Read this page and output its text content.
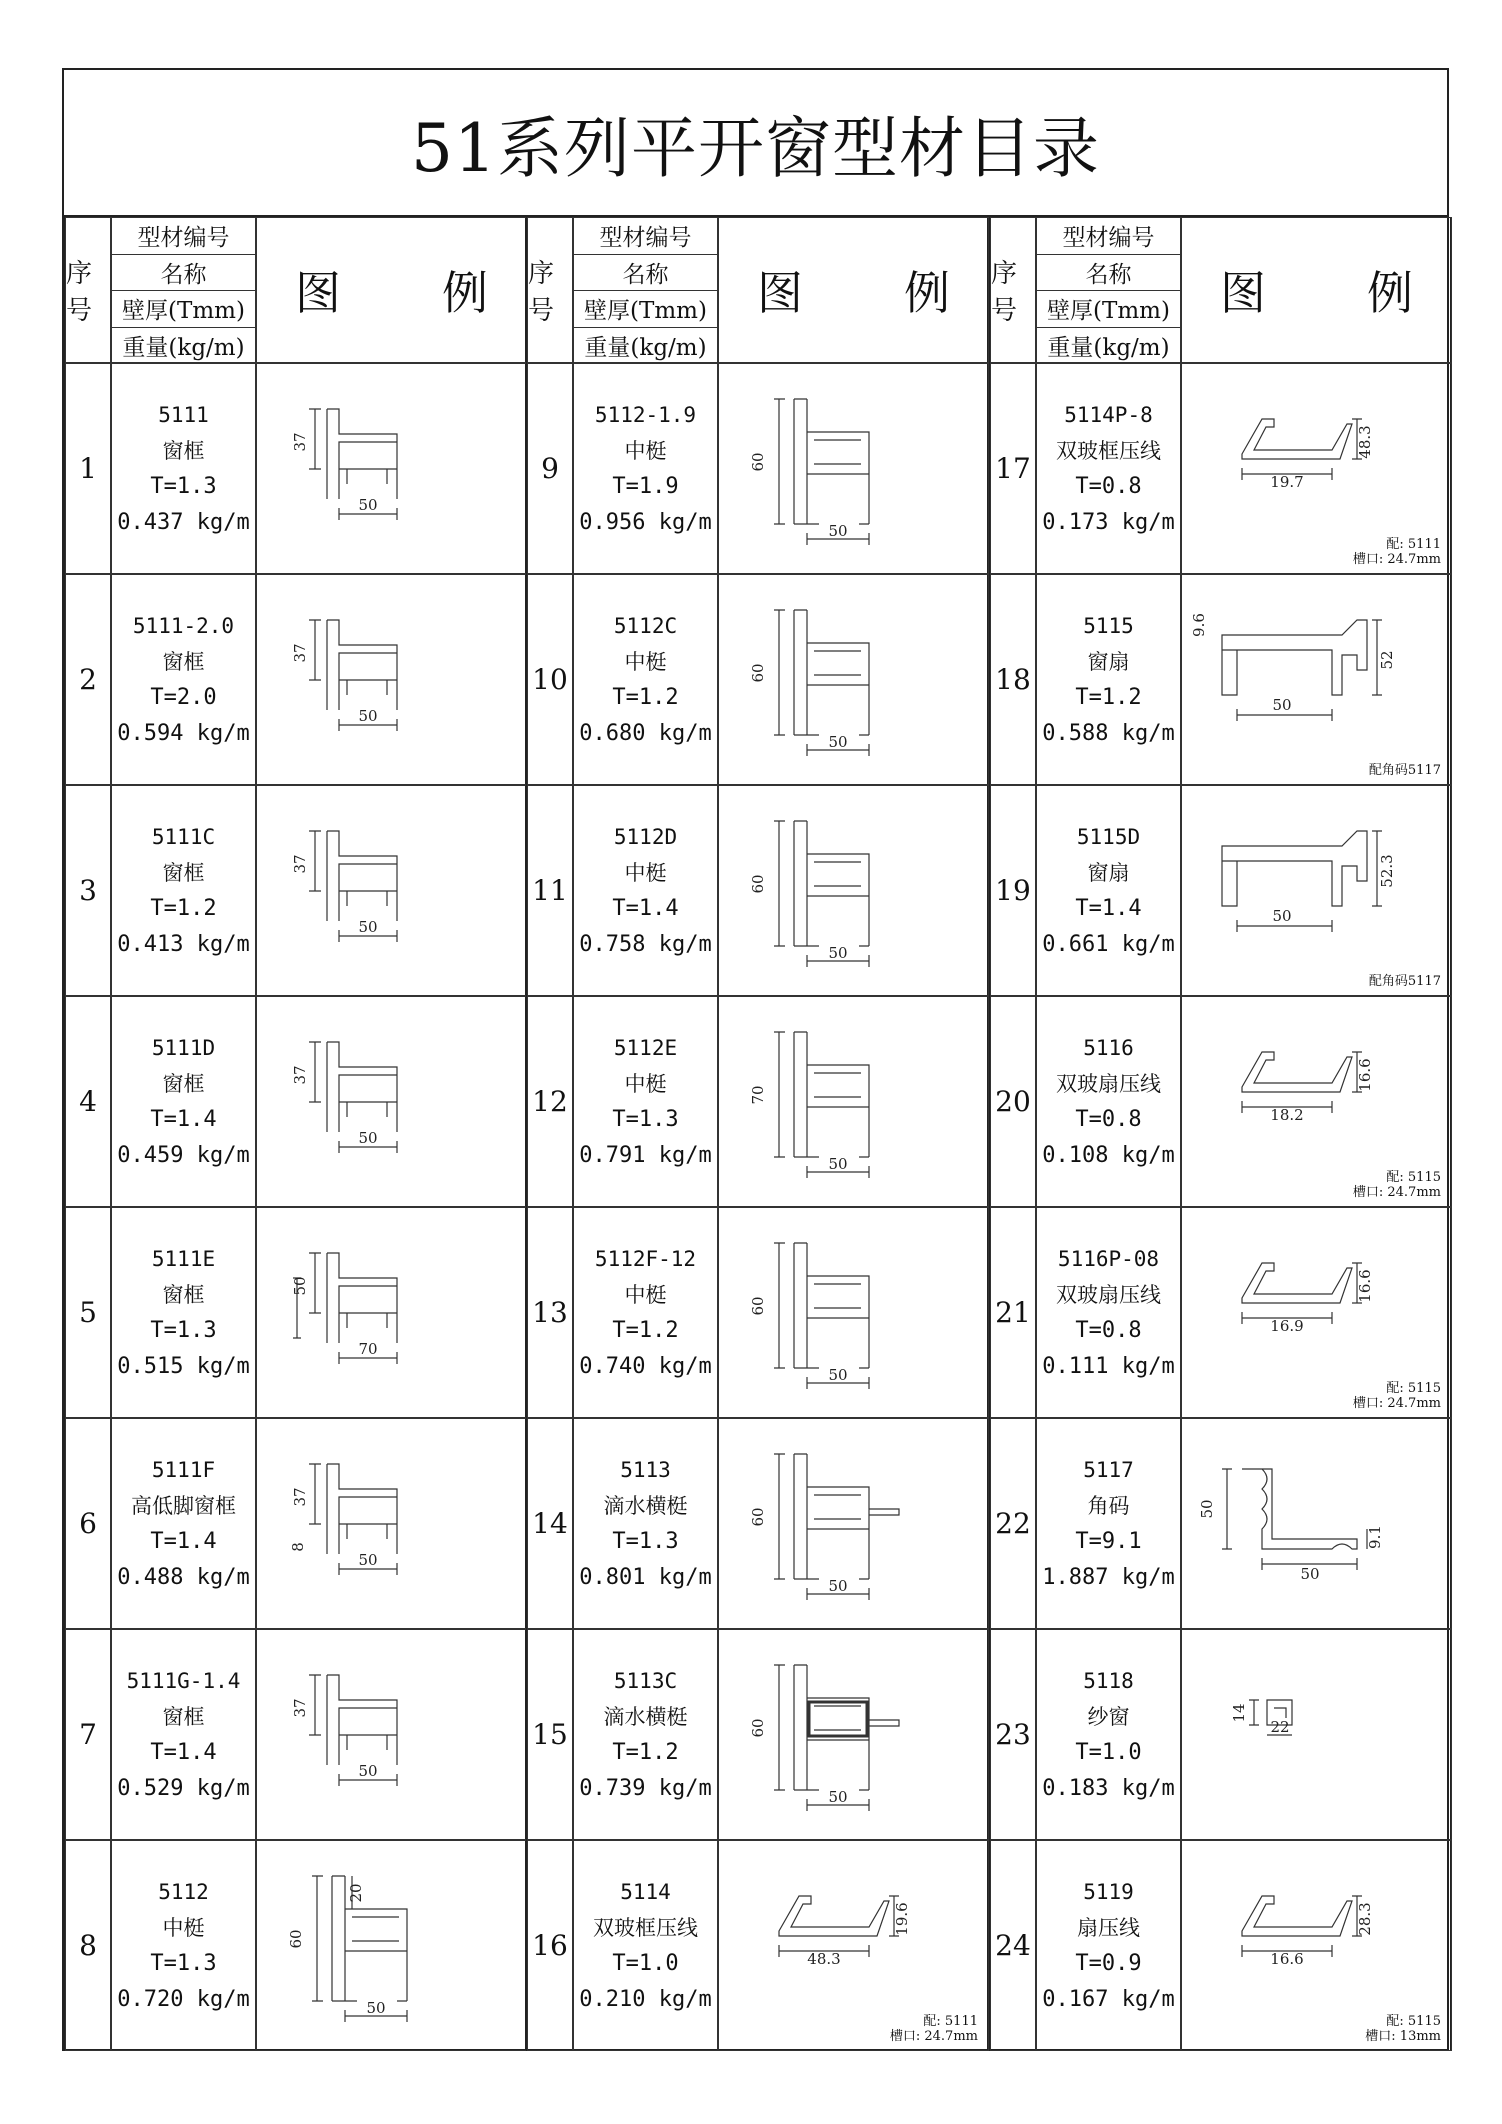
51系列平开窗型材目录
序号
型材编号
名称
壁厚(Tmm)
重量(kg/m)
图 例
1
5111
窗框
T=1.3
0.437 kg/m
37
50
2
5111-2.0
窗框
T=2.0
0.594 kg/m
37
50
3
5111C
窗框
T=1.2
0.413 kg/m
37
50
4
5111D
窗框
T=1.4
0.459 kg/m
37
50
5
5111E
窗框
T=1.3
0.515 kg/m
50
70
6
5111F
高低脚窗框
T=1.4
0.488 kg/m
37
50
8
7
5111G-1.4
窗框
T=1.4
0.529 kg/m
37
50
8
5112
中梃
T=1.3
0.720 kg/m
60
50
20
序号
型材编号
名称
壁厚(Tmm)
重量(kg/m)
图 例
9
5112-1.9
中梃
T=1.9
0.956 kg/m
60
50
10
5112C
中梃
T=1.2
0.680 kg/m
60
50
11
5112D
中梃
T=1.4
0.758 kg/m
60
50
12
5112E
中梃
T=1.3
0.791 kg/m
70
50
13
5112F-12
中梃
T=1.2
0.740 kg/m
60
50
14
5113
滴水横梃
T=1.3
0.801 kg/m
60
50
15
5113C
滴水横梃
T=1.2
0.739 kg/m
60
50
16
5114
双玻框压线
T=1.0
0.210 kg/m
48.3
19.6
配: 5111
槽口: 24.7mm
序号
型材编号
名称
壁厚(Tmm)
重量(kg/m)
图 例
17
5114P-8
双玻框压线
T=0.8
0.173 kg/m
19.7
48.3
配: 5111
槽口: 24.7mm
18
5115
窗扇
T=1.2
0.588 kg/m
50
52
9.6
配角码5117
19
5115D
窗扇
T=1.4
0.661 kg/m
50
52.3
配角码5117
20
5116
双玻扇压线
T=0.8
0.108 kg/m
18.2
16.6
配: 5115
槽口: 24.7mm
21
5116P-08
双玻扇压线
T=0.8
0.111 kg/m
16.9
16.6
配: 5115
槽口: 24.7mm
22
5117
角码
T=9.1
1.887 kg/m
50
50
9.1
23
5118
纱窗
T=1.0
0.183 kg/m
14
22
24
5119
扇压线
T=0.9
0.167 kg/m
16.6
28.3
配: 5115
槽口: 13mm
